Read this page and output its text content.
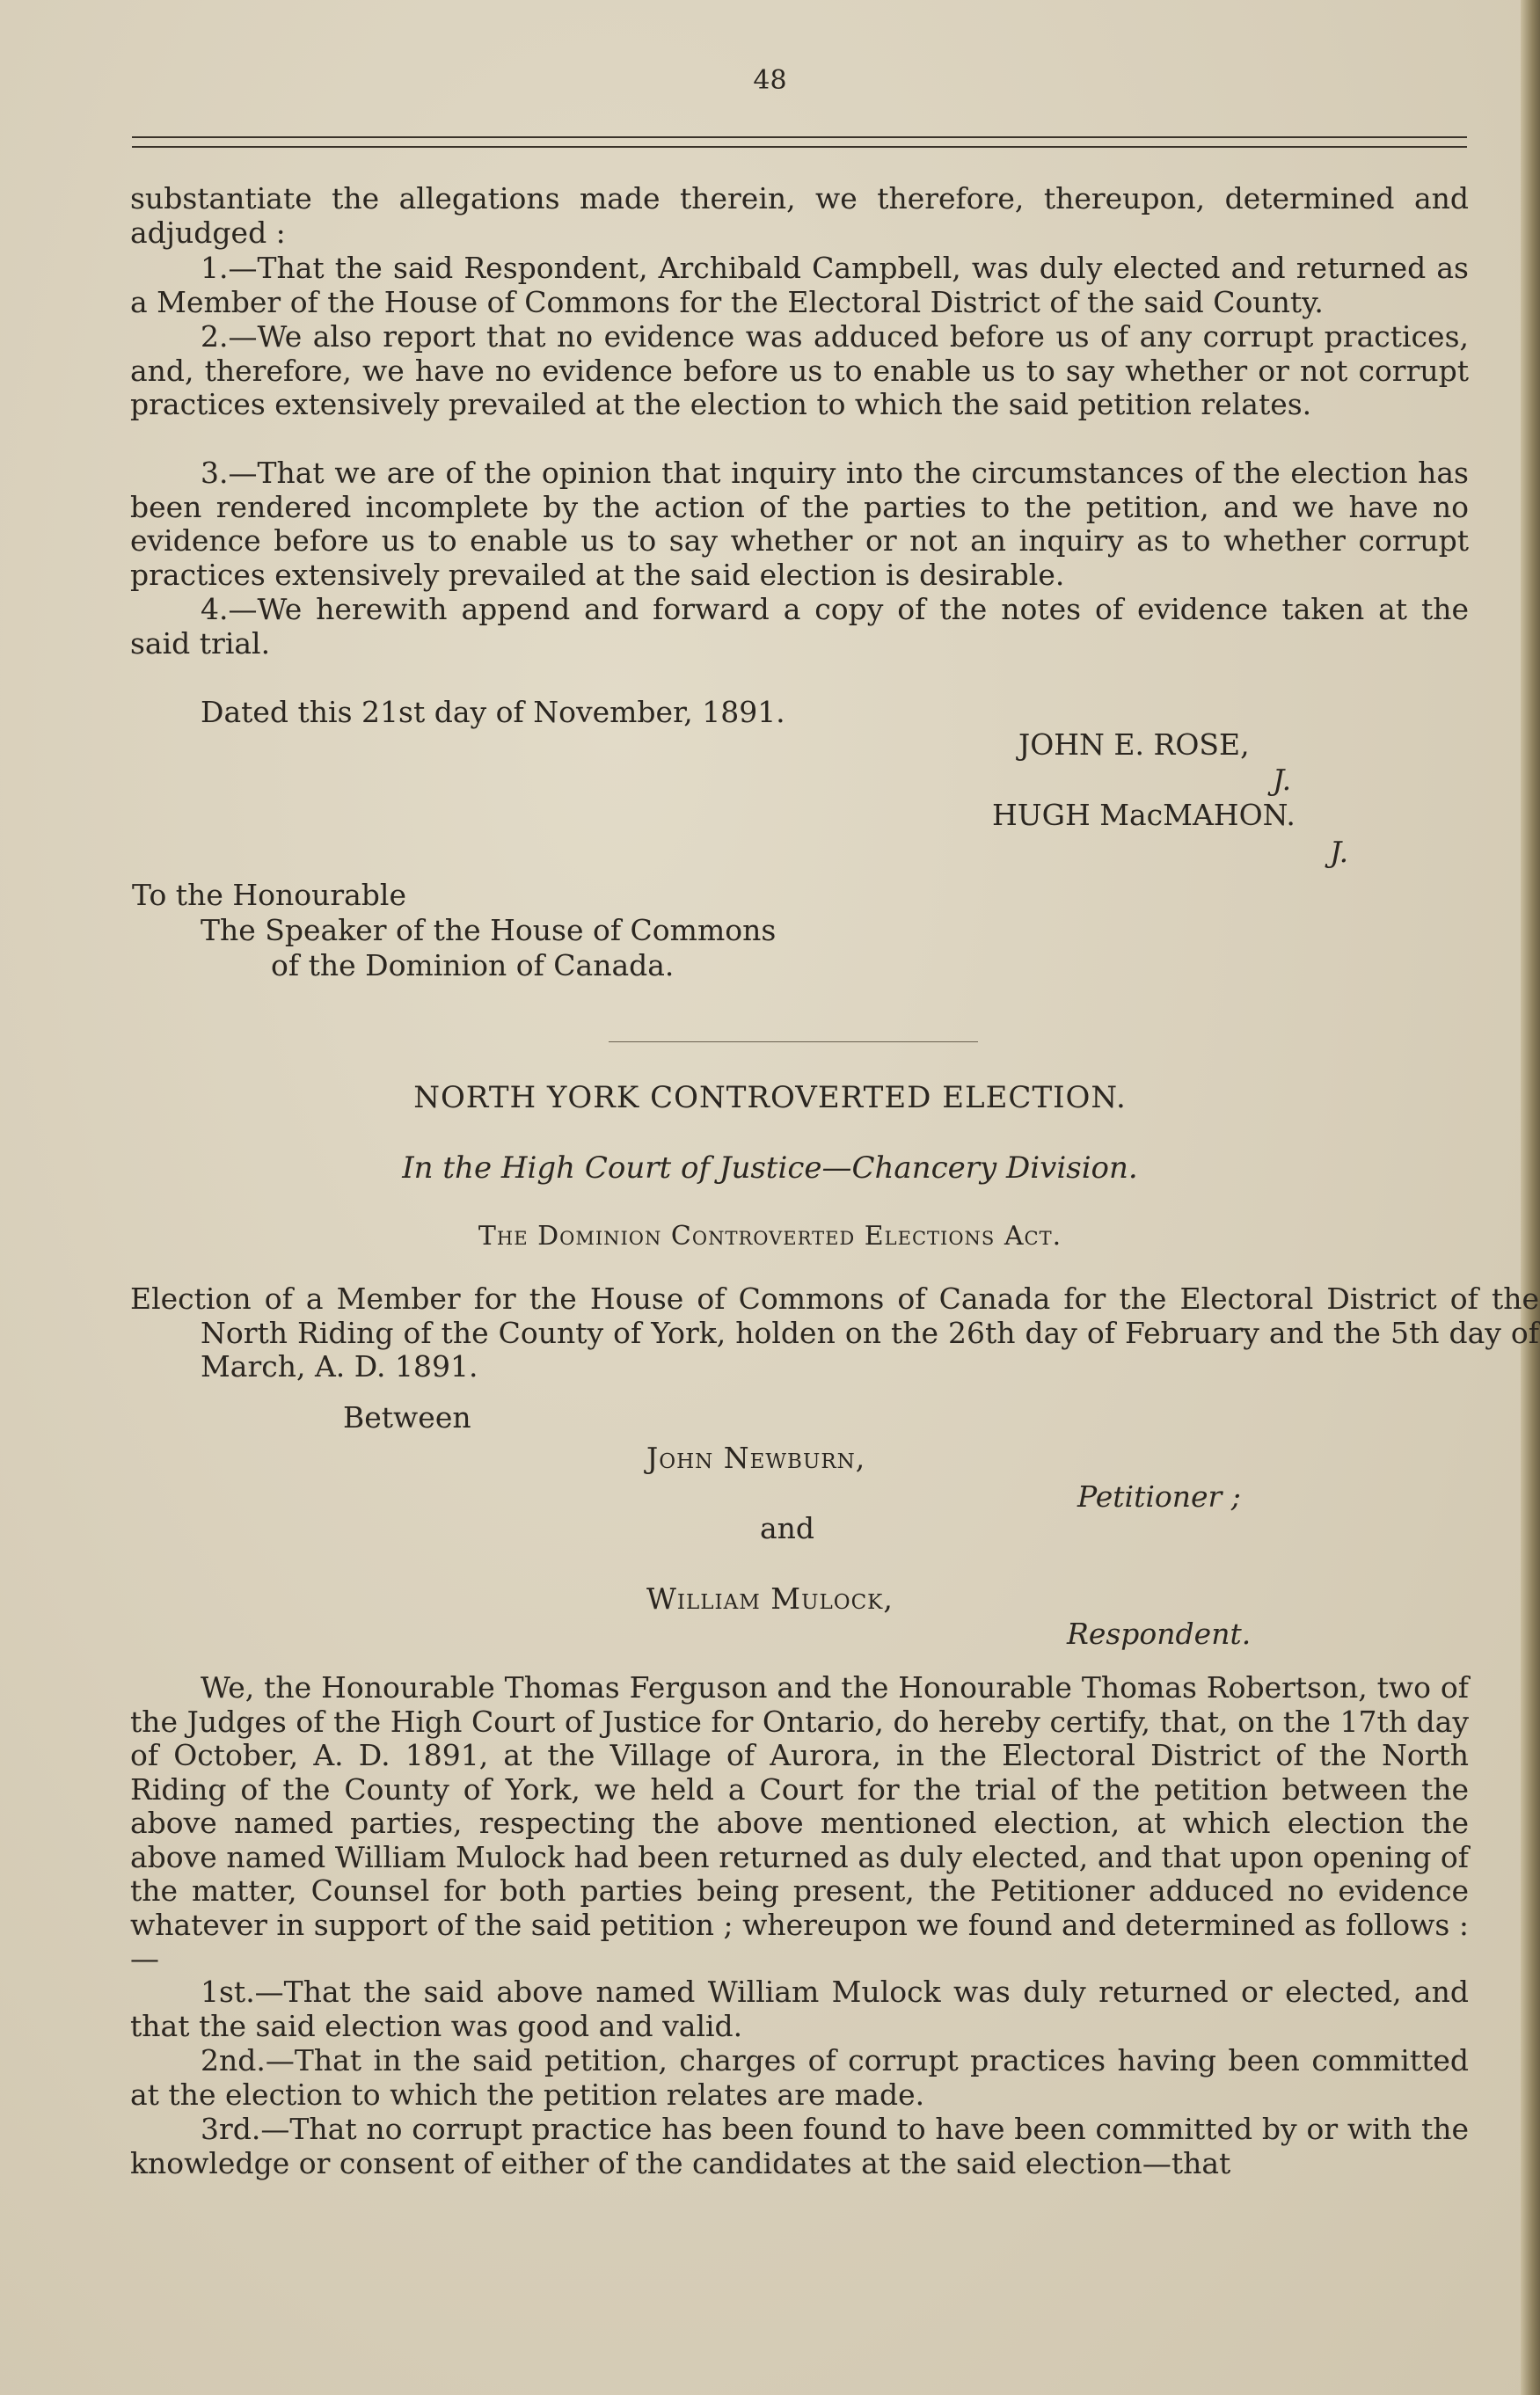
48

substantiate the allegations made therein, we therefore, thereupon, determined and adjudged :

1.—That the said Respondent, Archibald Campbell, was duly elected and returned as a Member of the House of Commons for the Electoral District of the said County.

2.—We also report that no evidence was adduced before us of any corrupt practices, and, therefore, we have no evidence before us to enable us to say whether or not corrupt practices extensively prevailed at the election to which the said petition relates.

3.—That we are of the opinion that inquiry into the circumstances of the election has been rendered incomplete by the action of the parties to the petition, and we have no evidence before us to enable us to say whether or not an inquiry as to whether corrupt practices extensively prevailed at the said election is desirable.

4.—We herewith append and forward a copy of the notes of evidence taken at the said trial.

Dated this 21st day of November, 1891.
JOHN E. ROSE,
J.
HUGH MacMAHON.
J.
To the Honourable
The Speaker of the House of Commons
of the Dominion of Canada.
NORTH YORK CONTROVERTED ELECTION.
In the High Court of Justice—Chancery Division.
The Dominion Controverted Elections Act.

Election of a Member for the House of Commons of Canada for the Electoral District of the North Riding of the County of York, holden on the 26th day of February and the 5th day of March, A. D. 1891.

Between
John Newburn,
Petitioner ;
and
William Mulock,
Respondent.

We, the Honourable Thomas Ferguson and the Honourable Thomas Robertson, two of the Judges of the High Court of Justice for Ontario, do hereby certify, that, on the 17th day of October, A. D. 1891, at the Village of Aurora, in the Electoral District of the North Riding of the County of York, we held a Court for the trial of the petition between the above named parties, respecting the above mentioned election, at which election the above named William Mulock had been returned as duly elected, and that upon opening of the matter, Counsel for both parties being present, the Petitioner adduced no evidence whatever in support of the said petition ; whereupon we found and determined as follows :—

1st.—That the said above named William Mulock was duly returned or elected, and that the said election was good and valid.

2nd.—That in the said petition, charges of corrupt practices having been committed at the election to which the petition relates are made.

3rd.—That no corrupt practice has been found to have been committed by or with the knowledge or consent of either of the candidates at the said election—that
